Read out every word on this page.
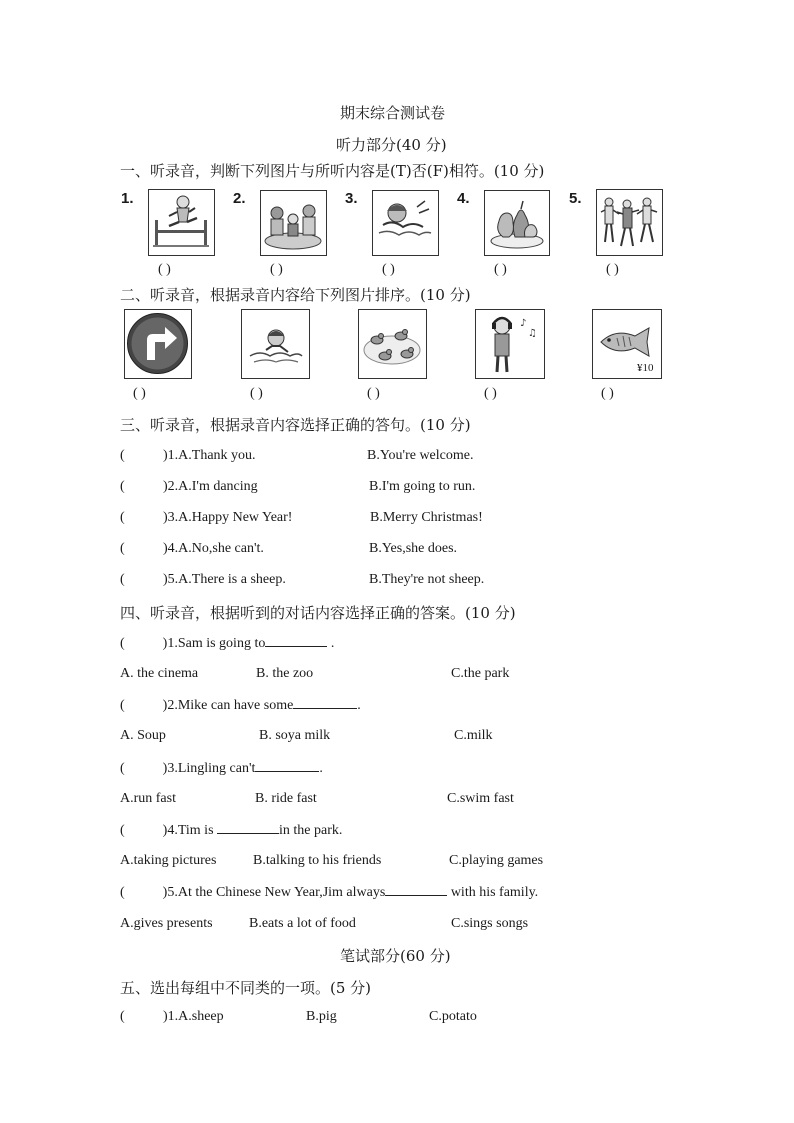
期末综合测试卷
听力部分(40 分)
一、听录音，判断下列图片与所听内容是(T)否(F)相符。(10 分)
1.	2.	3.	4.	5.
( )	( )	( )	( )	( )
二、听录音，根据录音内容给下列图片排序。(10 分)
♪
♫
¥10
( )	( )	( )	( )	( )
三、听录音，根据录音内容选择正确的答句。(10 分)
(	)1.A.Thank you.	B.You're welcome.
(	)2.A.I'm dancing	B.I'm going to run.
(	)3.A.Happy New Year!	B.Merry Christmas!
(	)4.A.No,she can't.	B.Yes,she does.
(	)5.A.There is a sheep.	B.They're not sheep.
四、听录音，根据听到的对话内容选择正确的答案。(10 分)
(	)1.Sam is going to	.
A. the cinema	B. the zoo	C.the park
(	)2.Mike can have some	.
A. Soup	B. soya milk	C.milk
(	)3.Lingling can't	.
A.run fast	B. ride fast	C.swim fast
(	)4.Tim is	in the park.
A.taking pictures	B.talking to his friends	C.playing games
(	)5.At the Chinese New Year,Jim always	with his family.
A.gives presents	B.eats a lot of food	C.sings songs
笔试部分(60 分)
五、选出每组中不同类的一项。(5 分)
(	)1.A.sheep	B.pig	C.potato
